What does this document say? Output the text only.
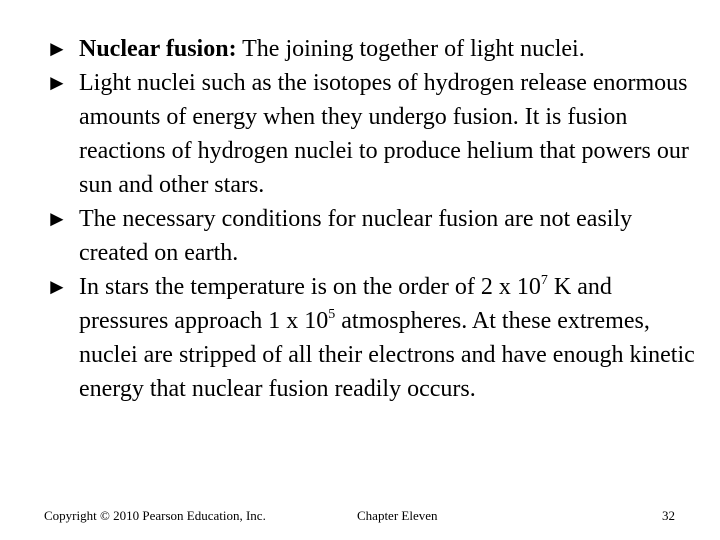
► Nuclear fusion: The joining together of light nuclei.
► Light nuclei such as the isotopes of hydrogen release enormous amounts of energy when they undergo fusion. It is fusion reactions of hydrogen nuclei to produce helium that powers our sun and other stars.
► The necessary conditions for nuclear fusion are not easily created on earth.
► In stars the temperature is on the order of 2 x $10^7$ K and pressures approach 1 x $10^5$ atmospheres. At these extremes, nuclei are stripped of all their electrons and have enough kinetic energy that nuclear fusion readily occurs.
Copyright © 2010 Pearson Education, Inc.	Chapter Eleven	32
